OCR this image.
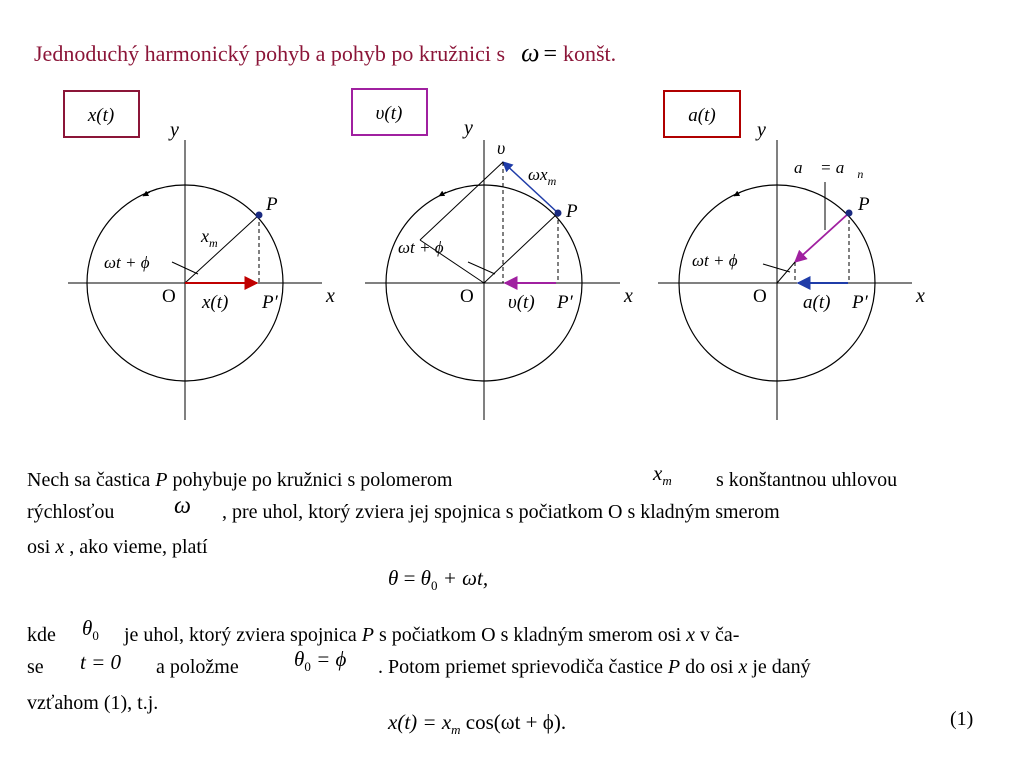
Jednoduchý harmonický pohyb a pohyb po kružnici s ω = konšt.
x(t)
y
x
O
P
P′
$x_m$
ωt + ϕ
x(t)
υ(t)
y
x
O
P
P′
υ⃗
$\omega x_m$
ωt + ϕ
υ(t)
a(t)
y
x
O
P
P′
a⃗ = $a⃗_n$
ωt + ϕ
a(t)
Nech sa častica P pohybuje po kružnici s polomerom	$x_m$ s konštantnou uhlovou
rýchlosťou ω , pre uhol, ktorý zviera jej spojnica s počiatkom O s kladným smerom
osi x , ako vieme, platí
$\theta = \theta_0 + \omega t$,
kde $\theta_0$ je uhol, ktorý zviera spojnica P s počiatkom O s kladným smerom osi x v ča-
se t = 0 a položme	$\theta_0 = \phi$ . Potom priemet sprievodiča častice P do osi x je daný
vzťahom (1), t.j.
$x(t) = x_m$ cos(ωt + ϕ).	(1)
